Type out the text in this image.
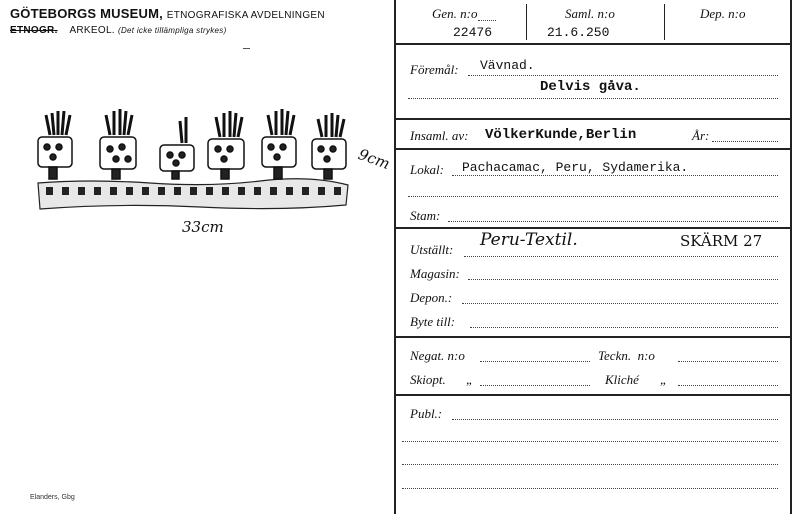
GÖTEBORGS MUSEUM, ETNOGRAFISKA AVDELNINGEN
ETNOGR. ARKEOL. (Det icke tillämpliga strykes)
9cm
33cm
Elanders, Gbg
Gen. n:o
22476
Saml. n:o
21.6.250
Dep. n:o
Föremål: Vävnad.
Delvis gåva.
Insaml. av: VölkerKunde,Berlin	År:
Lokal: Pachacamac, Peru, Sydamerika.
Stam:
Utställt: Peru-Textil.	SKÄRM 27
Magasin:
Depon.:
Byte till:
Negat. n:o	Teckn.  n:o
Skiopt. „	Kliché „
Publ.:
